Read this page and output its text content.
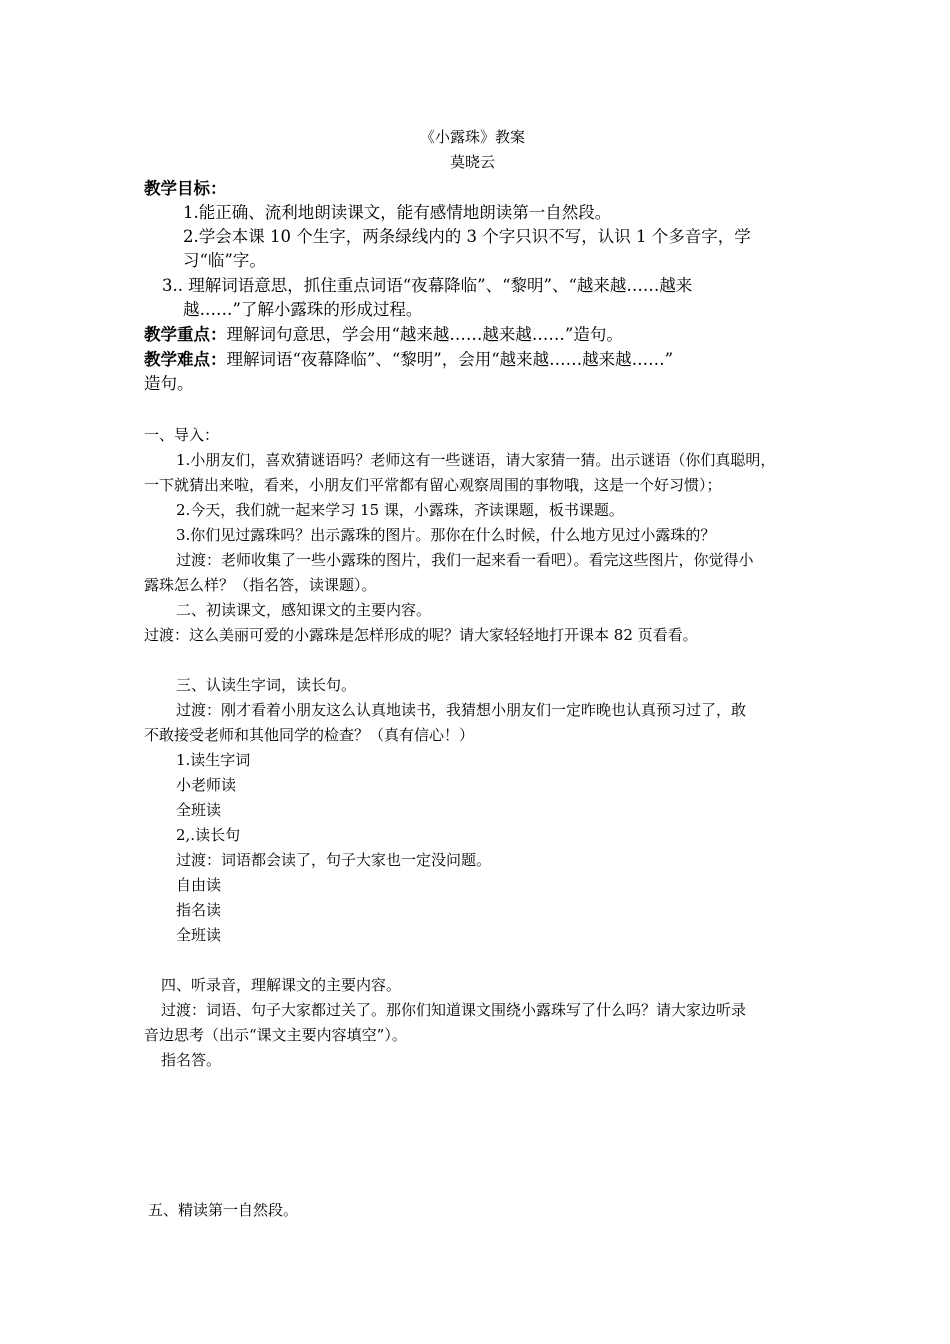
《小露珠》教案
莫晓云
教学目标：
1.能正确、流利地朗读课文，能有感情地朗读第一自然段。
2.学会本课 10 个生字，两条绿线内的 3 个字只识不写，认识 1 个多音字，学
习“临”字。
3.. 理解词语意思，抓住重点词语“夜幕降临”、“黎明”、“越来越……越来
越……”了解小露珠的形成过程。
教学重点：理解词句意思，学会用“越来越……越来越……”造句。
教学难点：理解词语“夜幕降临”、“黎明”，会用“越来越……越来越……”
造句。
一、导入：
1.小朋友们，喜欢猜谜语吗？老师这有一些谜语，请大家猜一猜。出示谜语（你们真聪明，
一下就猜出来啦，看来，小朋友们平常都有留心观察周围的事物哦，这是一个好习惯）；
2.今天，我们就一起来学习 15 课，小露珠，齐读课题，板书课题。
3.你们见过露珠吗？出示露珠的图片。那你在什么时候，什么地方见过小露珠的？
过渡：老师收集了一些小露珠的图片，我们一起来看一看吧）。看完这些图片，你觉得小
露珠怎么样？（指名答，读课题）。
二、初读课文，感知课文的主要内容。
过渡：这么美丽可爱的小露珠是怎样形成的呢？请大家轻轻地打开课本 82 页看看。
三、认读生字词，读长句。
过渡：刚才看着小朋友这么认真地读书，我猜想小朋友们一定昨晚也认真预习过了，敢
不敢接受老师和其他同学的检查？（真有信心！）
1.读生字词
小老师读
全班读
2,.读长句
过渡：词语都会读了，句子大家也一定没问题。
自由读
指名读
全班读
四、听录音，理解课文的主要内容。
过渡：词语、句子大家都过关了。那你们知道课文围绕小露珠写了什么吗？请大家边听录
音边思考（出示“课文主要内容填空”）。
指名答。
五、精读第一自然段。
